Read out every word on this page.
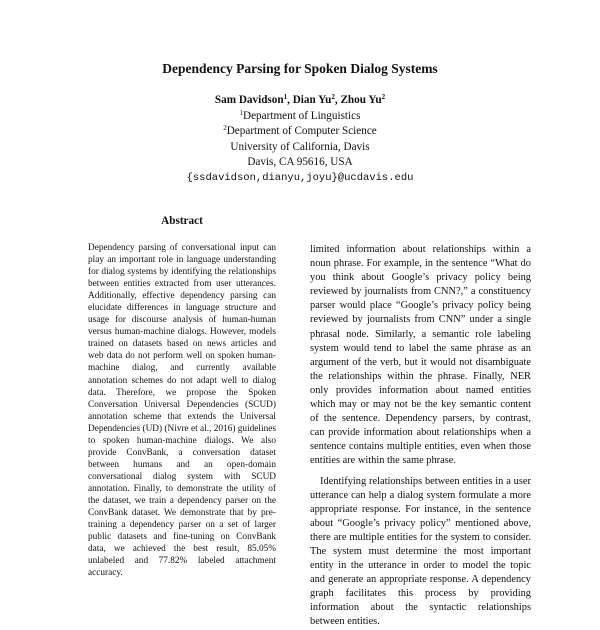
Dependency Parsing for Spoken Dialog Systems
Sam Davidson$^1$, Dian Yu$^2$, Zhou Yu$^2$
$^1$Department of Linguistics
$^2$Department of Computer Science
University of California, Davis
Davis, CA 95616, USA
{ssdavidson,dianyu,joyu}@ucdavis.edu
Abstract

Dependency parsing of conversational input can play an important role in language understanding for dialog systems by identifying the relationships between entities extracted from user utterances. Additionally, effective dependency parsing can elucidate differences in language structure and usage for discourse analysis of human-human versus human-machine dialogs. However, models trained on datasets based on news articles and web data do not perform well on spoken human-machine dialog, and currently available annotation schemes do not adapt well to dialog data. Therefore, we propose the Spoken Conversation Universal Dependencies (SCUD) annotation scheme that extends the Universal Dependencies (UD) (Nivre et al., 2016) guidelines to spoken human-machine dialogs. We also provide ConvBank, a conversation dataset between humans and an open-domain conversational dialog system with SCUD annotation. Finally, to demonstrate the utility of the dataset, we train a dependency parser on the ConvBank dataset. We demonstrate that by pre-training a dependency parser on a set of larger public datasets and fine-tuning on ConvBank data, we achieved the best result, 85.05% unlabeled and 77.82% labeled attachment accuracy.

limited information about relationships within a noun phrase. For example, in the sentence “What do you think about Google’s privacy policy being reviewed by journalists from CNN?,” a constituency parser would place “Google’s privacy policy being reviewed by journalists from CNN” under a single phrasal node. Similarly, a semantic role labeling system would tend to label the same phrase as an argument of the verb, but it would not disambiguate the relationships within the phrase. Finally, NER only provides information about named entities which may or may not be the key semantic content of the sentence. Dependency parsers, by contrast, can provide information about relationships when a sentence contains multiple entities, even when those entities are within the same phrase.

Identifying relationships between entities in a user utterance can help a dialog system formulate a more appropriate response. For instance, in the sentence about “Google’s privacy policy” mentioned above, there are multiple entities for the system to consider. The system must determine the most important entity in the utterance in order to model the topic and generate an appropriate response. A dependency graph facilitates this process by providing information about the syntactic relationships between entities.
